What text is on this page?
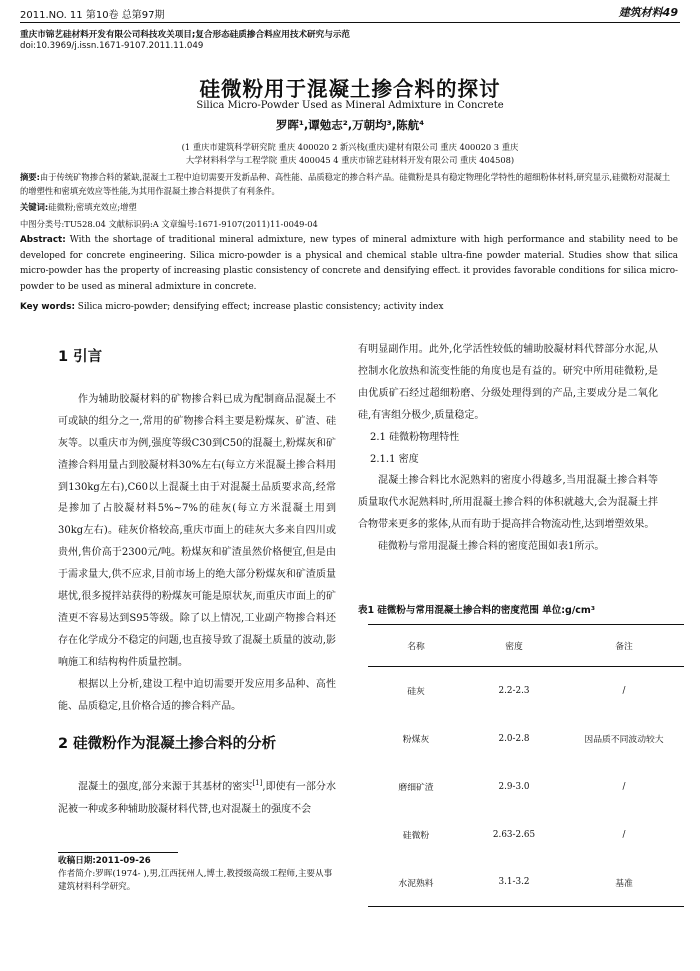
2011.NO. 11 第10卷 总第97期	建筑材料49
重庆市锦艺硅材料开发有限公司科技攻关项目;复合形态硅质掺合料应用技术研究与示范
doi:10.3969/j.issn.1671-9107.2011.11.049
硅微粉用于混凝土掺合料的探讨
Silica Micro-Powder Used as Mineral Admixture in Concrete
罗晖¹,谭勉志²,万朝均³,陈航⁴
(1 重庆市建筑科学研究院 重庆 400020 2 新兴栈(重庆)建材有限公司 重庆 400020 3 重庆
大学材料科学与工程学院 重庆 400045 4 重庆市锦艺硅材料开发有限公司 重庆 404508)
摘要:由于传统矿物掺合料的紧缺,混凝土工程中迫切需要开发新品种、高性能、品质稳定的掺合料产品。硅微粉是具有稳定物理化学特性的超细粉体材料,研究显示,硅微粉对混凝土的增塑性和密填充效应等性能,为其用作混凝土掺合料提供了有利条件。
关键词:硅微粉;密填充效应;增塑
中图分类号:TU528.04 文献标识码:A 文章编号:1671-9107(2011)11-0049-04
Abstract: With the shortage of traditional mineral admixture, new types of mineral admixture with high performance and stability need to be developed for concrete engineering. Silica micro-powder is a physical and chemical stable ultra-fine powder material. Studies show that silica micro-powder has the property of increasing plastic consistency of concrete and densifying effect. it provides favorable conditions for silica micro-powder to be used as mineral admixture in concrete.
Key words: Silica micro-powder; densifying effect; increase plastic consistency; activity index
1 引言

作为辅助胶凝材料的矿物掺合料已成为配制商品混凝土不可或缺的组分之一,常用的矿物掺合料主要是粉煤灰、矿渣、硅灰等。以重庆市为例,强度等级C30到C50的混凝土,粉煤灰和矿渣掺合料用量占到胶凝材料30%左右(每立方米混凝土掺合料用到130kg左右),C60以上混凝土由于对混凝土品质要求高,经常是掺加了占胶凝材料5%~7%的硅灰(每立方米混凝土用到30kg左右)。硅灰价格较高,重庆市面上的硅灰大多来自四川或贵州,售价高于2300元/吨。粉煤灰和矿渣虽然价格便宜,但是由于需求量大,供不应求,目前市场上的绝大部分粉煤灰和矿渣质量堪忧,很多搅拌站获得的粉煤灰可能是原状灰,而重庆市面上的矿渣更不容易达到S95等级。除了以上情况,工业副产物掺合料还存在化学成分不稳定的问题,也直接导致了混凝土质量的波动,影响施工和结构构件质量控制。

根据以上分析,建设工程中迫切需要开发应用多品种、高性能、品质稳定,且价格合适的掺合料产品。

2 硅微粉作为混凝土掺合料的分析

混凝土的强度,部分来源于其基材的密实[1],即使有一部分水泥被一种或多种辅助胶凝材料代替,也对混凝土的强度不会

收稿日期:2011-09-26
作者简介:罗晖(1974- ),男,江西抚州人,博士,教授级高级工程师,主要从事建筑材料科学研究。

有明显副作用。此外,化学活性较低的辅助胶凝材料代替部分水泥,从控制水化放热和流变性能的角度也是有益的。研究中所用硅微粉,是由优质矿石经过超细粉磨、分级处理得到的产品,主要成分是二氧化硅,有害组分极少,质量稳定。

2.1 硅微粉物理特性

2.1.1 密度

混凝土掺合料比水泥熟料的密度小得越多,当用混凝土掺合料等质量取代水泥熟料时,所用混凝土掺合料的体积就越大,会为混凝土拌合物带来更多的浆体,从而有助于提高拌合物流动性,达到增塑效果。

硅微粉与常用混凝土掺合料的密度范围如表1所示。

表1 硅微粉与常用混凝土掺合料的密度范围 单位:g/cm³
名称	密度	备注
硅灰	2.2-2.3	/
粉煤灰	2.0-2.8	因品质不同波动较大
磨细矿渣	2.9-3.0	/
硅微粉	2.63-2.65	/
水泥熟料	3.1-3.2	基准
